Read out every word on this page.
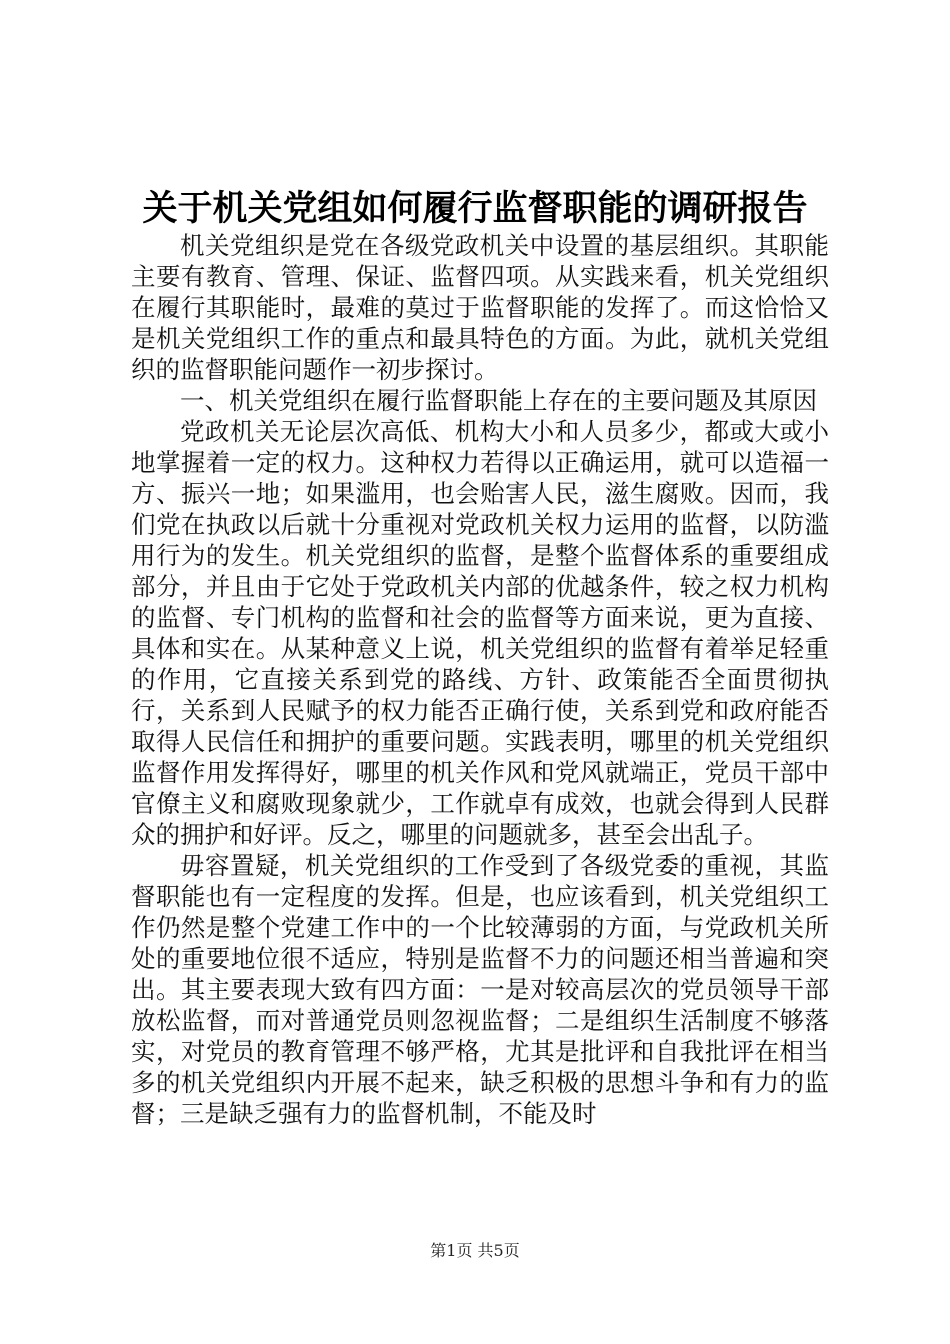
关于机关党组如何履行监督职能的调研报告

机关党组织是党在各级党政机关中设置的基层组织。其职能主要有教育、管理、保证、监督四项。从实践来看，机关党组织在履行其职能时，最难的莫过于监督职能的发挥了。而这恰恰又是机关党组织工作的重点和最具特色的方面。为此，就机关党组织的监督职能问题作一初步探讨。

一、机关党组织在履行监督职能上存在的主要问题及其原因

党政机关无论层次高低、机构大小和人员多少，都或大或小地掌握着一定的权力。这种权力若得以正确运用，就可以造福一方、振兴一地；如果滥用，也会贻害人民，滋生腐败。因而，我们党在执政以后就十分重视对党政机关权力运用的监督，以防滥用行为的发生。机关党组织的监督，是整个监督体系的重要组成部分，并且由于它处于党政机关内部的优越条件，较之权力机构的监督、专门机构的监督和社会的监督等方面来说，更为直接、具体和实在。从某种意义上说，机关党组织的监督有着举足轻重的作用，它直接关系到党的路线、方针、政策能否全面贯彻执行，关系到人民赋予的权力能否正确行使，关系到党和政府能否取得人民信任和拥护的重要问题。实践表明，哪里的机关党组织监督作用发挥得好，哪里的机关作风和党风就端正，党员干部中官僚主义和腐败现象就少，工作就卓有成效，也就会得到人民群众的拥护和好评。反之，哪里的问题就多，甚至会出乱子。

毋容置疑，机关党组织的工作受到了各级党委的重视，其监督职能也有一定程度的发挥。但是，也应该看到，机关党组织工作仍然是整个党建工作中的一个比较薄弱的方面，与党政机关所处的重要地位很不适应，特别是监督不力的问题还相当普遍和突出。其主要表现大致有四方面：一是对较高层次的党员领导干部放松监督，而对普通党员则忽视监督；二是组织生活制度不够落实，对党员的教育管理不够严格，尤其是批评和自我批评在相当多的机关党组织内开展不起来，缺乏积极的思想斗争和有力的监督；三是缺乏强有力的监督机制，不能及时

第1页 共5页
